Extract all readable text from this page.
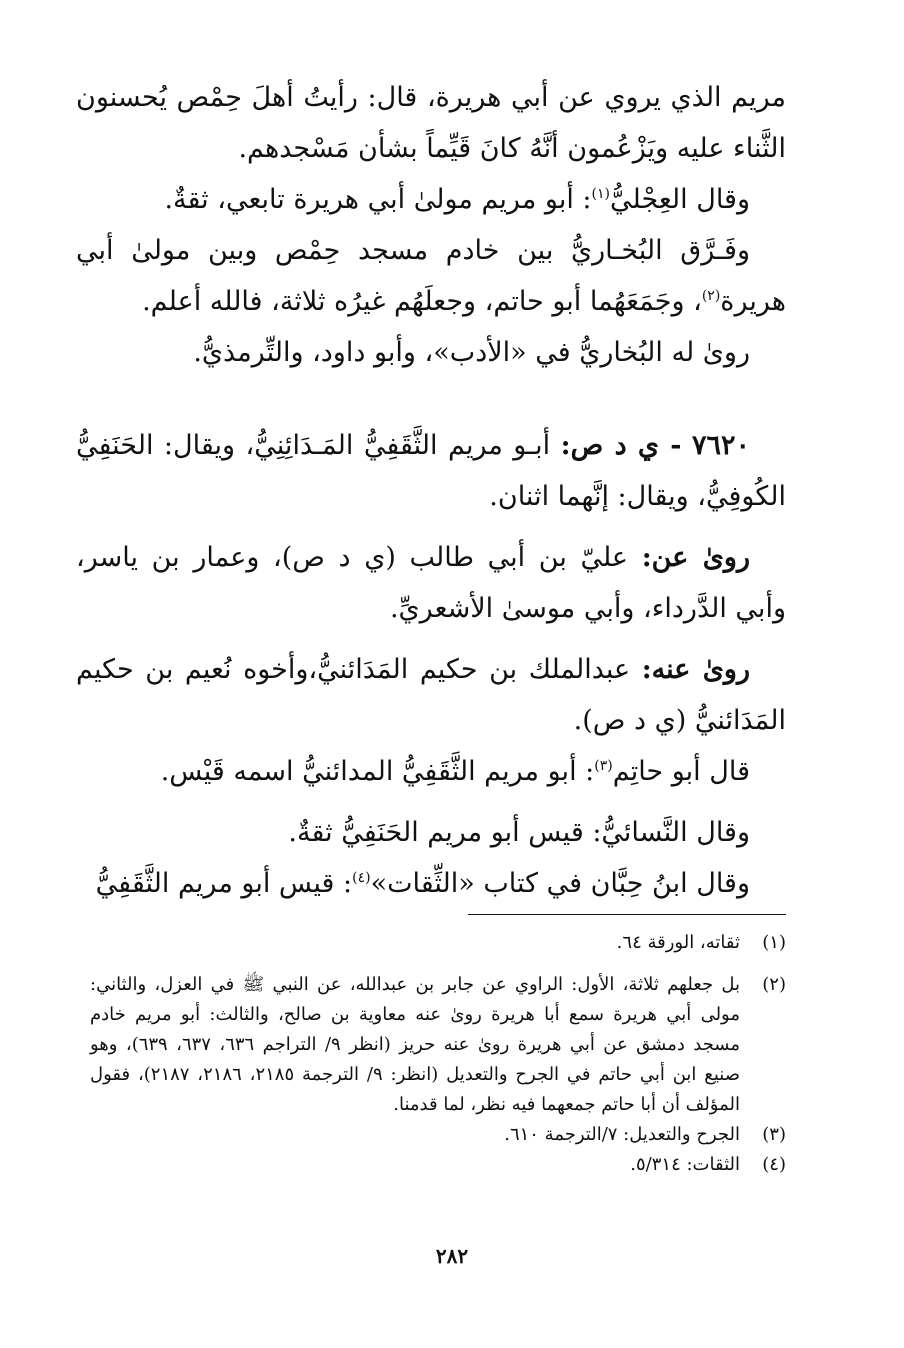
مريم الذي يروي عن أبي هريرة، قال: رأيتُ أهلَ حِمْص يُحسنون الثَّناء عليه ويَزْعُمون أنَّهُ كانَ قَيِّماً بشأن مَسْجدهم.

وقال العِجْليُّ$^{(١)}$: أبو مريم مولىٰ أبي هريرة تابعي، ثقةٌ.

وفَـرَّق البُخـاريُّ بين خادم مسجد حِمْص وبين مولىٰ أبي هريرة$^{(٢)}$، وجَمَعَهُما أبو حاتم، وجعلَهُم غيرُه ثلاثة، فالله أعلم.

روىٰ له البُخاريُّ في «الأدب»، وأبو داود، والتِّرمذيُّ.

٧٦٢٠ - ي د ص: أبـو مريم الثَّقَفِيُّ المَـدَائِنِيُّ، ويقال: الحَنَفِيُّ الكُوفِيُّ، ويقال: إنَّهما اثنان.

روىٰ عن: عليّ بن أبي طالب (ي د ص)، وعمار بن ياسر، وأبي الدَّرداء، وأبي موسىٰ الأشعريِّ.

روىٰ عنه: عبدالملك بن حكيم المَدَائنيُّ،وأخوه نُعيم بن حكيم المَدَائنيُّ (ي د ص).

قال أبو حاتِم$^{(٣)}$: أبو مريم الثَّقَفِيُّ المدائنيُّ اسمه قَيْس.

وقال النَّسائيُّ: قيس أبو مريم الحَنَفِيُّ ثقةٌ.

وقال ابنُ حِبَّان في كتاب «الثِّقات»$^{(٤)}$: قيس أبو مريم الثَّقَفِيُّ

(١)
ثقاته، الورقة ٦٤.
(٢)
بل جعلهم ثلاثة، الأول: الراوي عن جابر بن عبدالله، عن النبي ﷺ في العزل، والثاني: مولى أبي هريرة سمع أبا هريرة روىٰ عنه معاوية بن صالح، والثالث: أبو مريم خادم مسجد دمشق عن أبي هريرة روىٰ عنه حريز (انظر ٩/ التراجم ٦٣٦، ٦٣٧، ٦٣٩)، وهو صنيع ابن أبي حاتم في الجرح والتعديل (انظر: ٩/ الترجمة ٢١٨٥، ٢١٨٦، ٢١٨٧)، فقول المؤلف أن أبا حاتم جمعهما فيه نظر، لما قدمنا.
(٣)
الجرح والتعديل: ٧/الترجمة ٦١٠.
(٤)
الثقات: ٥/٣١٤.
٢٨٢
